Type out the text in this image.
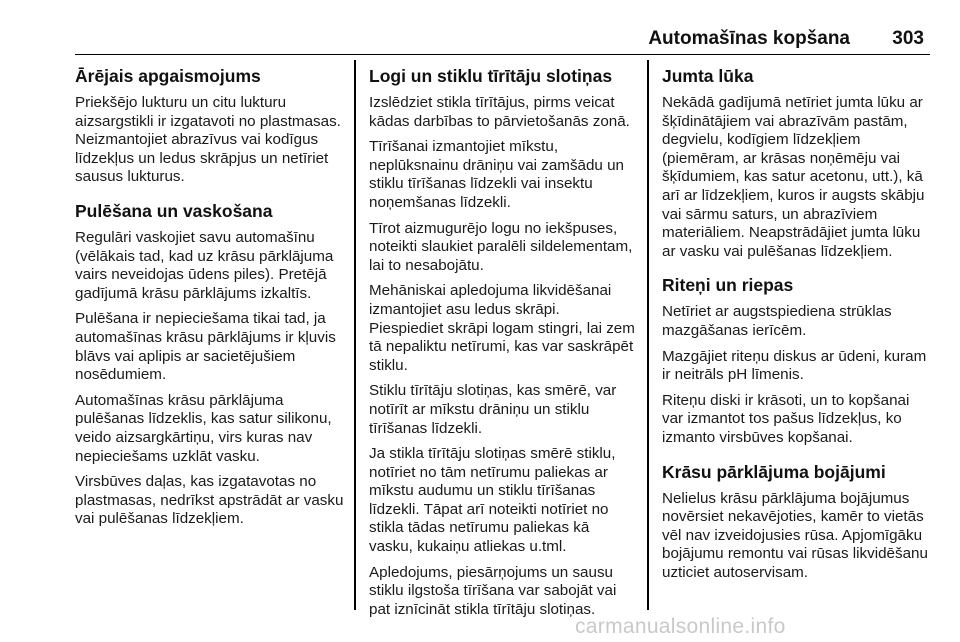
Automašīnas kopšana 303
Ārējais apgaismojums

Priekšējo lukturu un citu lukturu aizsargstikli ir izgatavoti no plastmasas. Neizmantojiet abrazīvus vai kodīgus līdzekļus un ledus skrāpjus un netīriet sausus lukturus.

Pulēšana un vaskošana

Regulāri vaskojiet savu automašīnu (vēlākais tad, kad uz krāsu pārklājuma vairs neveidojas ūdens piles). Pretējā gadījumā krāsu pārklājums izkaltīs.

Pulēšana ir nepieciešama tikai tad, ja automašīnas krāsu pārklājums ir kļuvis blāvs vai aplipis ar sacietējušiem nosēdumiem.

Automašīnas krāsu pārklājuma pulēšanas līdzeklis, kas satur silikonu, veido aizsargkārtiņu, virs kuras nav nepieciešams uzklāt vasku.

Virsbūves daļas, kas izgatavotas no plastmasas, nedrīkst apstrādāt ar vasku vai pulēšanas līdzekļiem.

Logi un stiklu tīrītāju slotiņas

Izslēdziet stikla tīrītājus, pirms veicat kādas darbības to pārvietošanās zonā.

Tīrīšanai izmantojiet mīkstu, neplūksnainu drāniņu vai zamšādu un stiklu tīrīšanas līdzekli vai insektu noņemšanas līdzekli.

Tīrot aizmugurējo logu no iekšpuses, noteikti slaukiet paralēli sildelementam, lai to nesabojātu.

Mehāniskai apledojuma likvidēšanai izmantojiet asu ledus skrāpi. Piespiediet skrāpi logam stingri, lai zem tā nepaliktu netīrumi, kas var saskrāpēt stiklu.

Stiklu tīrītāju slotiņas, kas smērē, var notīrīt ar mīkstu drāniņu un stiklu tīrīšanas līdzekli.

Ja stikla tīrītāju slotiņas smērē stiklu, notīriet no tām netīrumu paliekas ar mīkstu audumu un stiklu tīrīšanas līdzekli. Tāpat arī noteikti notīriet no stikla tādas netīrumu paliekas kā vasku, kukaiņu atliekas u.tml.

Apledojums, piesārņojums un sausu stiklu ilgstoša tīrīšana var sabojāt vai pat iznīcināt stikla tīrītāju slotiņas.

Jumta lūka

Nekādā gadījumā netīriet jumta lūku ar šķīdinātājiem vai abrazīvām pastām, degvielu, kodīgiem līdzekļiem (piemēram, ar krāsas noņēmēju vai šķīdumiem, kas satur acetonu, utt.), kā arī ar līdzekļiem, kuros ir augsts skābju vai sārmu saturs, un abrazīviem materiāliem. Neapstrādājiet jumta lūku ar vasku vai pulēšanas līdzekļiem.

Riteņi un riepas

Netīriet ar augstspiediena strūklas mazgāšanas ierīcēm.

Mazgājiet riteņu diskus ar ūdeni, kuram ir neitrāls pH līmenis.

Riteņu diski ir krāsoti, un to kopšanai var izmantot tos pašus līdzekļus, ko izmanto virsbūves kopšanai.

Krāsu pārklājuma bojājumi

Nelielus krāsu pārklājuma bojājumus novērsiet nekavējoties, kamēr to vietās vēl nav izveidojusies rūsa. Apjomīgāku bojājumu remontu vai rūsas likvidēšanu uzticiet autoservisam.

carmanualsonline.info
